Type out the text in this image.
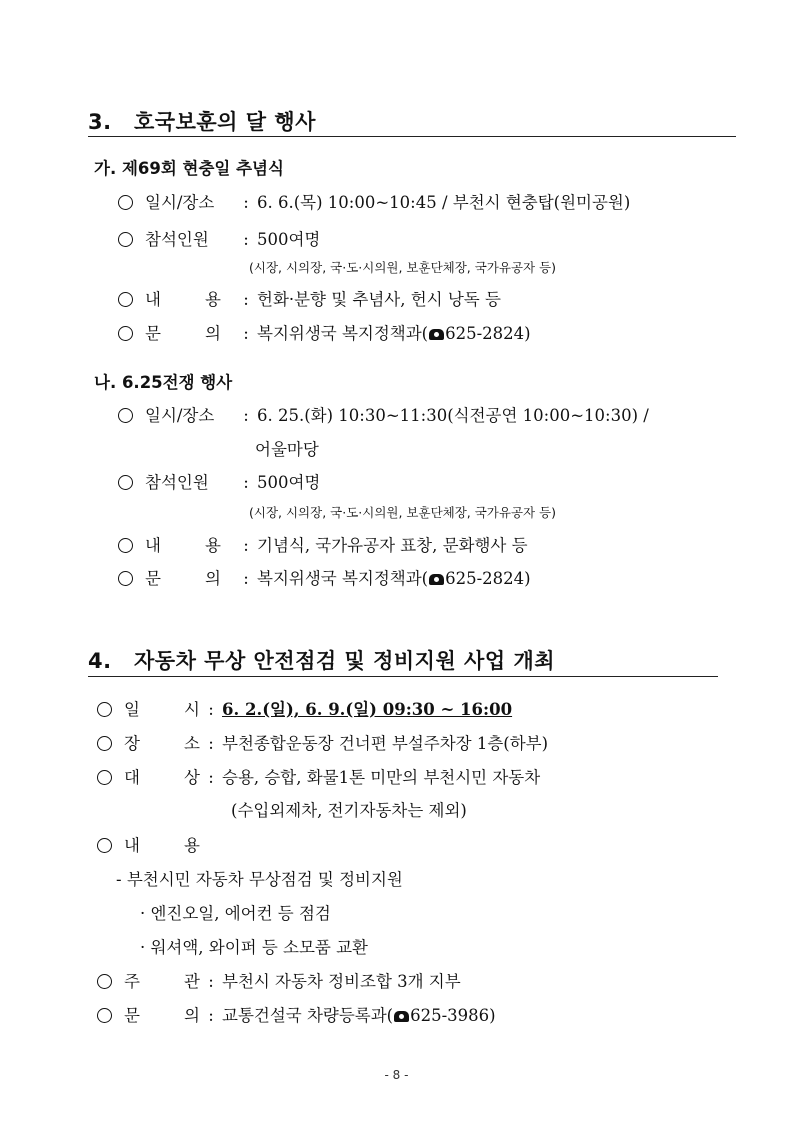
3. 호국보훈의 달 행사
가. 제69회 현충일 추념식
일시/장소 : 6. 6.(목) 10:00~10:45 / 부천시 현충탑(원미공원)
참석인원 : 500여명
(시장, 시의장, 국·도·시의원, 보훈단체장, 국가유공자 등)
내	용 : 헌화·분향 및 추념사, 헌시 낭독 등
문	의 : 복지위생국 복지정책과( 625-2824)
나. 6.25전쟁 행사
일시/장소 : 6. 25.(화) 10:30~11:30(식전공연 10:00~10:30) /
어울마당
참석인원 : 500여명
(시장, 시의장, 국·도·시의원, 보훈단체장, 국가유공자 등)
내	용 : 기념식, 국가유공자 표창, 문화행사 등
문	의 : 복지위생국 복지정책과( 625-2824)
4. 자동차 무상 안전점검 및 정비지원 사업 개최
일	시 : 6. 2.(일), 6. 9.(일) 09:30 ~ 16:00
장	소 : 부천종합운동장 건너편 부설주차장 1층(하부)
대	상 : 승용, 승합, 화물1톤 미만의 부천시민 자동차
(수입외제차, 전기자동차는 제외)
내	용
- 부천시민 자동차 무상점검 및 정비지원
· 엔진오일, 에어컨 등 점검
· 워셔액, 와이퍼 등 소모품 교환
주	관 : 부천시 자동차 정비조합 3개 지부
문	의 : 교통건설국 차량등록과( 625-3986)
- 8 -
